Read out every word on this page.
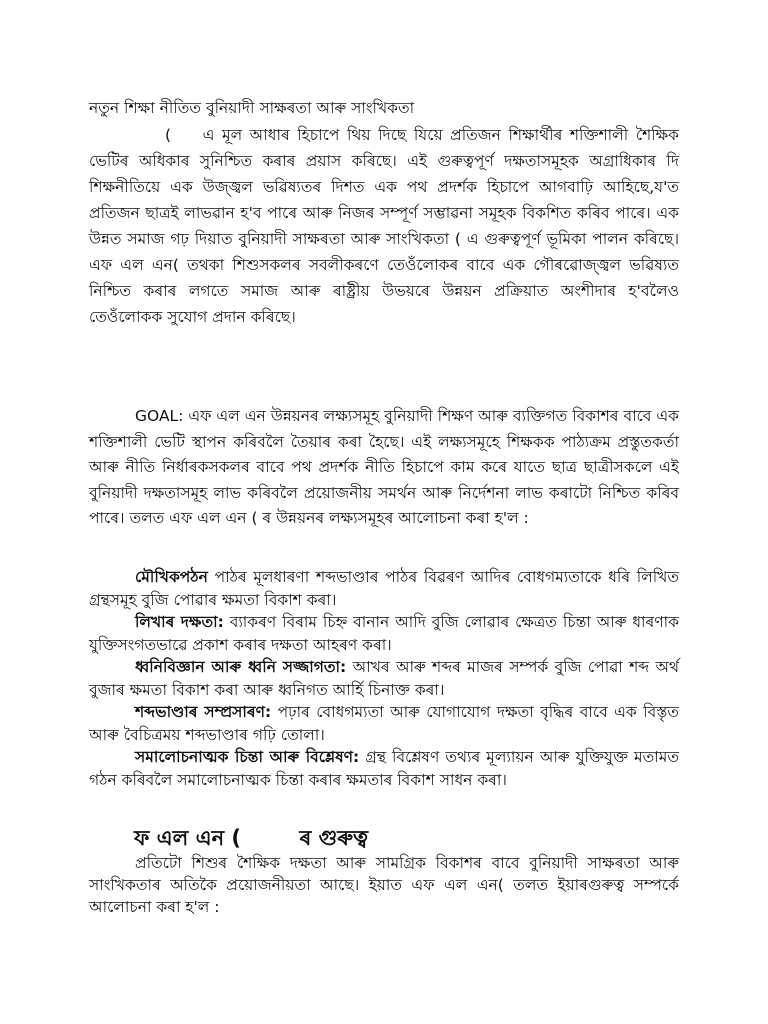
নতুন শিক্ষা নীতিত বুনিয়াদী সাক্ষৰতা আৰু সাংখিকতা
( এ মূল আধাৰ হিচাপে থিয় দিছে যিয়ে প্ৰতিজন শিক্ষাৰ্থীৰ শক্তিশালী শৈক্ষিক ভেটিৰ অধিকাৰ সুনিশ্চিত কৰাৰ প্ৰয়াস কৰিছে। এই গুৰুত্বপূৰ্ণ দক্ষতাসমূহক অগ্ৰাধিকাৰ দি শিক্ষনীতিয়ে এক উজ্জ্বল ভৱিষ্যতৰ দিশত এক পথ প্ৰদৰ্শক হিচাপে আগবাঢ়ি আহিছে,য'ত প্ৰতিজন ছাত্ৰই লাভৱান হ'ব পাৰে আৰু নিজৰ সম্পূৰ্ণ সম্ভাৱনা সমূহক বিকশিত কৰিব পাৰে। এক উন্নত সমাজ গঢ় দিয়াত বুনিয়াদী সাক্ষৰতা আৰু সাংখিকতা ( এ গুৰুত্বপূৰ্ণ ভূমিকা পালন কৰিছে। এফ এল এন( তথকা শিশুসকলৰ সবলীকৰণে তেওঁলোকৰ বাবে এক গৌৰৱোজ্জ্বল ভৱিষ্যত নিশ্চিত কৰাৰ লগতে সমাজ আৰু ৰাষ্ট্ৰীয় উভয়ৰে উন্নয়ন প্ৰক্ৰিয়াত অংশীদাৰ হ'বলৈও তেওঁলোকক সুযোগ প্ৰদান কৰিছে।
GOAL: এফ এল এন উন্নয়নৰ লক্ষ্যসমূহ বুনিয়াদী শিক্ষণ আৰু ব্যক্তিগত বিকাশৰ বাবে এক শক্তিশালী ভেটি স্থাপন কৰিবলৈ তৈয়াৰ কৰা হৈছে। এই লক্ষ্যসমূহে শিক্ষকক পাঠ্যক্ৰম প্ৰস্তুতকৰ্তা আৰু নীতি নিৰ্ধাৰকসকলৰ বাবে পথ প্ৰদৰ্শক নীতি হিচাপে কাম কৰে যাতে ছাত্ৰ ছাত্ৰীসকলে এই বুনিয়াদী দক্ষতাসমূহ লাভ কৰিবলৈ প্ৰয়োজনীয় সমৰ্থন আৰু নিৰ্দেশনা লাভ কৰাটো নিশ্চিত কৰিব পাৰে। তলত এফ এল এন ( ৰ উন্নয়নৰ লক্ষ্যসমূহৰ আলোচনা কৰা হ'ল :

মৌখিকপঠন পাঠৰ মূলধাৰণা শব্দভাণ্ডাৰ পাঠৰ বিৱৰণ আদিৰ বোধগম্যতাকে ধৰি লিখিত গ্ৰন্থসমূহ বুজি পোৱাৰ ক্ষমতা বিকাশ কৰা।

লিখাৰ দক্ষতা: ব্যাকৰণ বিৰাম চিহ্ন বানান আদি বুজি লোৱাৰ ক্ষেত্ৰত চিন্তা আৰু ধাৰণাক যুক্তিসংগতভাৱে প্ৰকাশ কৰাৰ দক্ষতা আহৰণ কৰা।

ধ্বনিবিজ্ঞান আৰু ধ্বনি সজ্জাগতা: আখৰ আৰু শব্দৰ মাজৰ সম্পৰ্ক বুজি পোৱা শব্দ অৰ্থ বুজাৰ ক্ষমতা বিকাশ কৰা আৰু ধ্বনিগত আৰ্হি চিনাক্ত কৰা।

শব্দভাণ্ডাৰ সম্প্ৰসাৰণ: পঢ়াৰ বোধগম্যতা আৰু যোগাযোগ দক্ষতা বৃদ্ধিৰ বাবে এক বিস্তৃত আৰু বৈচিত্ৰময় শব্দভাণ্ডাৰ গঢ়ি তোলা।

সমালোচনাত্মক চিন্তা আৰু বিশ্লেষণ: গ্ৰন্থ বিশ্লেষণ তথ্যৰ মূল্যায়ন আৰু যুক্তিযুক্ত মতামত গঠন কৰিবলৈ সমালোচনাত্মক চিন্তা কৰাৰ ক্ষমতাৰ বিকাশ সাধন কৰা।

ফ এল এন (        ৰ গুৰুত্ব
প্ৰতিটো শিশুৰ শৈক্ষিক দক্ষতা আৰু সামগ্ৰিক বিকাশৰ বাবে বুনিয়াদী সাক্ষৰতা আৰু সাংখিকতাৰ অতিকৈ প্ৰয়োজনীয়তা আছে। ইয়াত এফ এল এন( তলত ইয়াৰগুৰুত্ব সম্পৰ্কে আলোচনা কৰা হ'ল :
